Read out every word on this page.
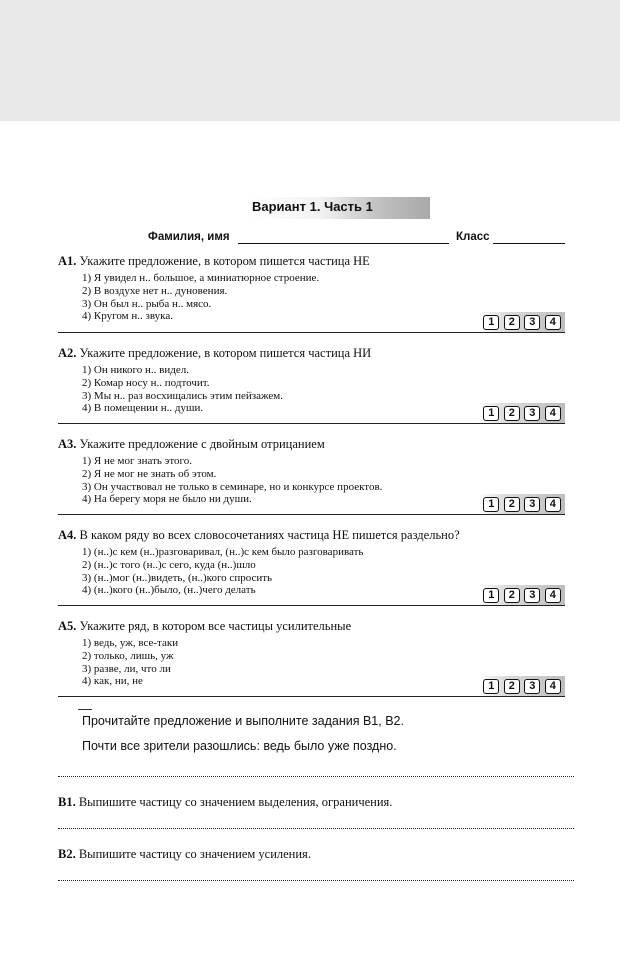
Вариант 1. Часть 1
Фамилия, имя	Класс
A1. Укажите предложение, в котором пишется частица НЕ
1) Я увидел н.. большое, а миниатюрное строение.
2) В воздухе нет н.. дуновения.
3) Он был н.. рыба н.. мясо.
4) Кругом н.. звука.	1	2	3	4
A2. Укажите предложение, в котором пишется частица НИ
1) Он никого н.. видел.
2) Комар носу н.. подточит.
3) Мы н.. раз восхищались этим пейзажем.
4) В помещении н.. души.	1	2	3	4
A3. Укажите предложение с двойным отрицанием
1) Я не мог знать этого.
2) Я не мог не знать об этом.
3) Он участвовал не только в семинаре, но и конкурсе проектов.
4) На берегу моря не было ни души.	1	2	3	4
A4. В каком ряду во всех словосочетаниях частица НЕ пишется раздельно?
1) (н..)с кем (н..)разговаривал, (н..)с кем было разговаривать
2) (н..)с того (н..)с сего, куда (н..)шло
3) (н..)мог (н..)видеть, (н..)кого спросить
4) (н..)кого (н..)было, (н..)чего делать	1	2	3	4
A5. Укажите ряд, в котором все частицы усилительные
1) ведь, уж, все-таки
2) только, лишь, уж
3) разве, ли, что ли
4) как, ни, не	1	2	3	4
Прочитайте предложение и выполните задания В1, В2.
Почти все зрители разошлись: ведь было уже поздно.
В1. Выпишите частицу со значением выделения, ограничения.
В2. Выпишите частицу со значением усиления.
